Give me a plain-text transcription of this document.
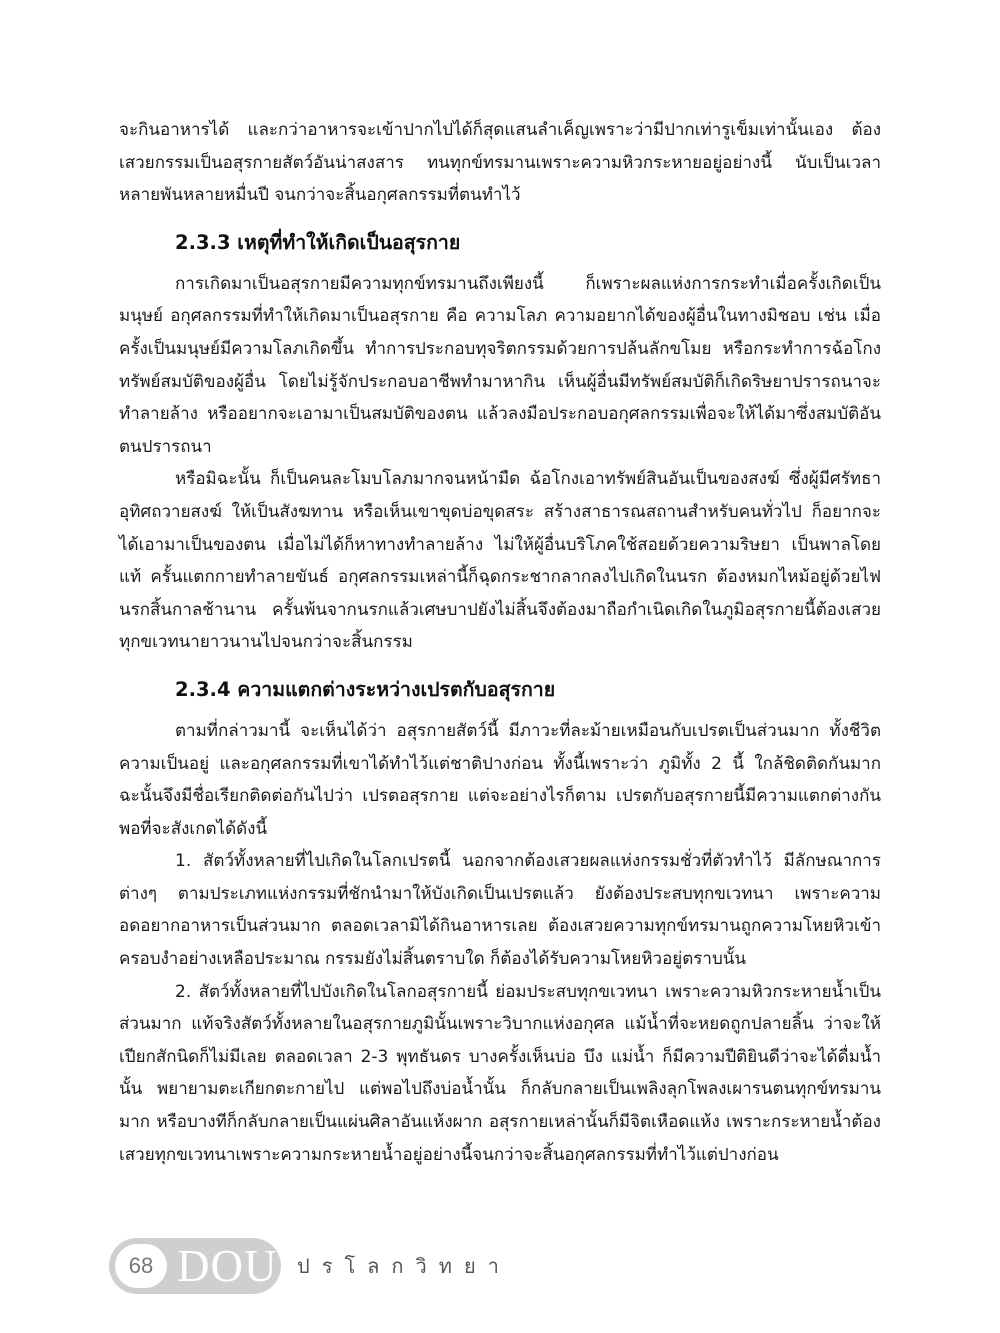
จะกินอาหารได้ และกว่าอาหารจะเข้าปากไปได้ก็สุดแสนลำเค็ญเพราะว่ามีปากเท่ารูเข็มเท่านั้นเอง ต้องเสวยกรรมเป็นอสุรกายสัตว์อันน่าสงสาร ทนทุกข์ทรมานเพราะความหิวกระหายอยู่อย่างนี้ นับเป็นเวลาหลายพันหลายหมื่นปี จนกว่าจะสิ้นอกุศลกรรมที่ตนทำไว้

2.3.3 เหตุที่ทำให้เกิดเป็นอสุรกาย

การเกิดมาเป็นอสุรกายมีความทุกข์ทรมานถึงเพียงนี้ ก็เพราะผลแห่งการกระทำเมื่อครั้งเกิดเป็นมนุษย์ อกุศลกรรมที่ทำให้เกิดมาเป็นอสุรกาย คือ ความโลภ ความอยากได้ของผู้อื่นในทางมิชอบ เช่น เมื่อครั้งเป็นมนุษย์มีความโลภเกิดขึ้น ทำการประกอบทุจริตกรรมด้วยการปล้นลักขโมย หรือกระทำการฉ้อโกงทรัพย์สมบัติของผู้อื่น โดยไม่รู้จักประกอบอาชีพทำมาหากิน เห็นผู้อื่นมีทรัพย์สมบัติก็เกิดริษยาปรารถนาจะทำลายล้าง หรืออยากจะเอามาเป็นสมบัติของตน แล้วลงมือประกอบอกุศลกรรมเพื่อจะให้ได้มาซึ่งสมบัติอันตนปรารถนา

หรือมิฉะนั้น ก็เป็นคนละโมบโลภมากจนหน้ามืด ฉ้อโกงเอาทรัพย์สินอันเป็นของสงฆ์ ซึ่งผู้มีศรัทธาอุทิศถวายสงฆ์ ให้เป็นสังฆทาน หรือเห็นเขาขุดบ่อขุดสระ สร้างสาธารณสถานสำหรับคนทั่วไป ก็อยากจะได้เอามาเป็นของตน เมื่อไม่ได้ก็หาทางทำลายล้าง ไม่ให้ผู้อื่นบริโภคใช้สอยด้วยความริษยา เป็นพาลโดยแท้ ครั้นแตกกายทำลายขันธ์ อกุศลกรรมเหล่านี้ก็ฉุดกระชากลากลงไปเกิดในนรก ต้องหมกไหม้อยู่ด้วยไฟนรกสิ้นกาลช้านาน ครั้นพ้นจากนรกแล้วเศษบาปยังไม่สิ้นจึงต้องมาถือกำเนิดเกิดในภูมิอสุรกายนี้ต้องเสวยทุกขเวทนายาวนานไปจนกว่าจะสิ้นกรรม

2.3.4 ความแตกต่างระหว่างเปรตกับอสุรกาย

ตามที่กล่าวมานี้ จะเห็นได้ว่า อสุรกายสัตว์นี้ มีภาวะที่ละม้ายเหมือนกับเปรตเป็นส่วนมาก ทั้งชีวิตความเป็นอยู่ และอกุศลกรรมที่เขาได้ทำไว้แต่ชาติปางก่อน ทั้งนี้เพราะว่า ภูมิทั้ง 2 นี้ ใกล้ชิดติดกันมาก ฉะนั้นจึงมีชื่อเรียกติดต่อกันไปว่า เปรตอสุรกาย แต่จะอย่างไรก็ตาม เปรตกับอสุรกายนี้มีความแตกต่างกัน พอที่จะสังเกตได้ดังนี้

1. สัตว์ทั้งหลายที่ไปเกิดในโลกเปรตนี้ นอกจากต้องเสวยผลแห่งกรรมชั่วที่ตัวทำไว้ มีลักษณาการต่างๆ ตามประเภทแห่งกรรมที่ชักนำมาให้บังเกิดเป็นเปรตแล้ว ยังต้องประสบทุกขเวทนา เพราะความอดอยากอาหารเป็นส่วนมาก ตลอดเวลามิได้กินอาหารเลย ต้องเสวยความทุกข์ทรมานถูกความโหยหิวเข้าครอบงำอย่างเหลือประมาณ กรรมยังไม่สิ้นตราบใด ก็ต้องได้รับความโหยหิวอยู่ตราบนั้น

2. สัตว์ทั้งหลายที่ไปบังเกิดในโลกอสุรกายนี้ ย่อมประสบทุกขเวทนา เพราะความหิวกระหายน้ำเป็นส่วนมาก แท้จริงสัตว์ทั้งหลายในอสุรกายภูมินั้นเพราะวิบากแห่งอกุศล แม้น้ำที่จะหยดถูกปลายลิ้น ว่าจะให้เปียกสักนิดก็ไม่มีเลย ตลอดเวลา 2-3 พุทธันดร บางครั้งเห็นบ่อ บึง แม่น้ำ ก็มีความปีติยินดีว่าจะได้ดื่มน้ำนั้น พยายามตะเกียกตะกายไป แต่พอไปถึงบ่อน้ำนั้น ก็กลับกลายเป็นเพลิงลุกโพลงเผารนตนทุกข์ทรมานมาก หรือบางทีก็กลับกลายเป็นแผ่นศิลาอันแห้งผาก อสุรกายเหล่านั้นก็มีจิตเหือดแห้ง เพราะกระหายน้ำต้องเสวยทุกขเวทนาเพราะความกระหายน้ำอยู่อย่างนี้จนกว่าจะสิ้นอกุศลกรรมที่ทำไว้แต่ปางก่อน

68 DOU ปรโลกวิทยา
